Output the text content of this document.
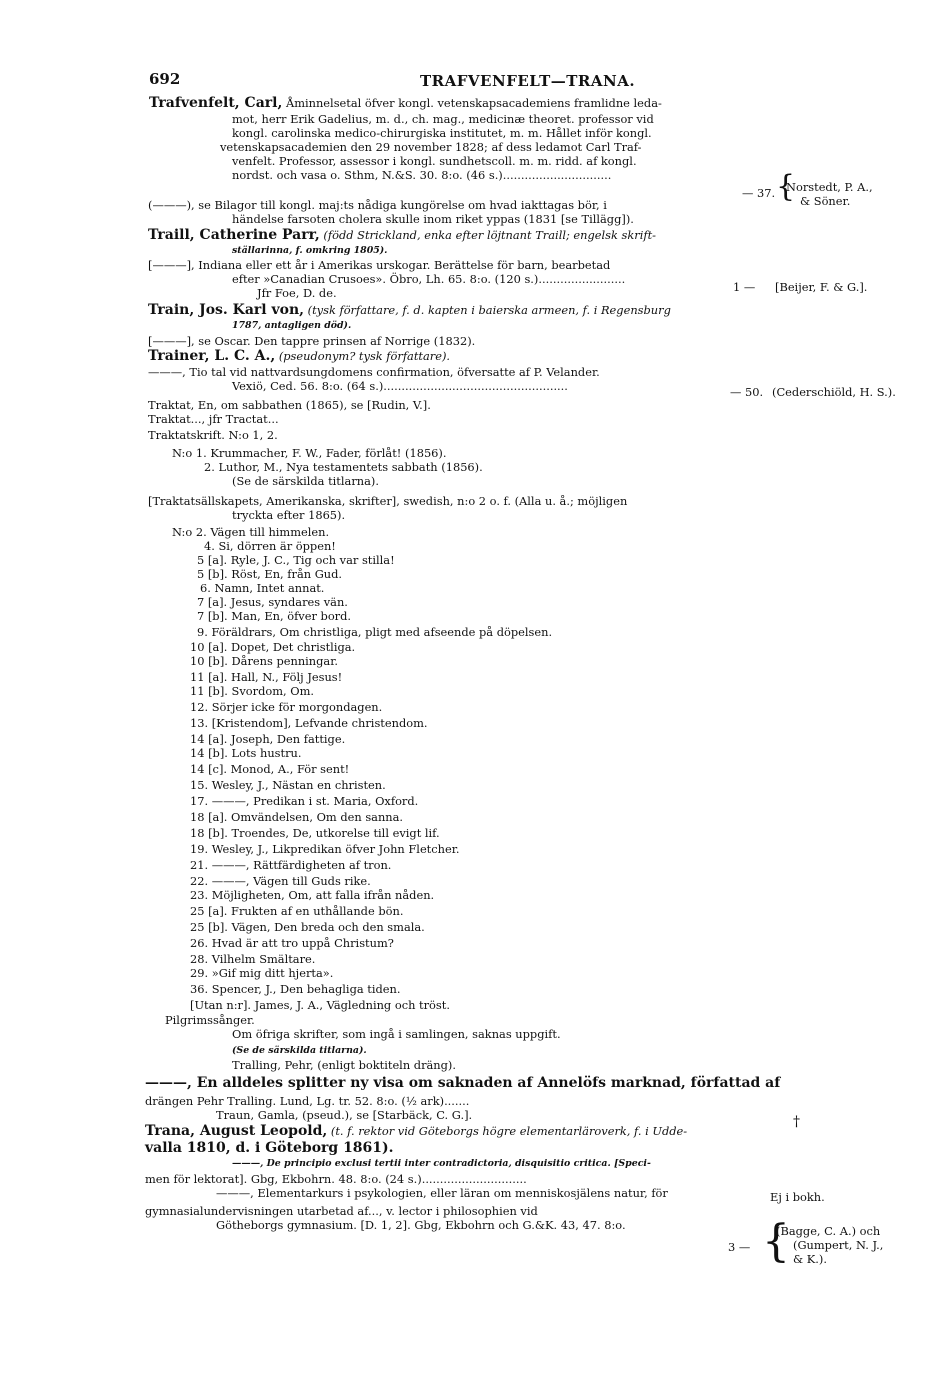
692	TRAFVENFELT—TRANA.
Trafvenfelt, Carl, Åminnelsetal öfver kongl. vetenskapsacademiens framlidne leda-
mot, herr Erik Gadelius, m. d., ch. mag., medicinæ theoret. professor vid
kongl. carolinska medico-chirurgiska institutet, m. m. Hållet inför kongl.
vetenskapsacademien den 29 november 1828; af dess ledamot Carl Traf-
venfelt. Professor, assessor i kongl. sundhetscoll. m. m. ridd. af kongl.
nordst. och vasa o. Sthm, N.&S. 30. 8:o. (46 s.)..............................
(———), se Bilagor till kongl. maj:ts nådiga kungörelse om hvad iakttagas bör, i
händelse farsoten cholera skulle inom riket yppas (1831 [se Tillägg]).
Traill, Catherine Parr, (född Strickland, enka efter löjtnant Traill; engelsk skrift-
ställarinna, f. omkring 1805).
[———], Indiana eller ett år i Amerikas urskogar. Berättelse för barn, bearbetad
efter »Canadian Crusoes». Öbro, Lh. 65. 8:o. (120 s.)........................
Jfr Foe, D. de.
Train, Jos. Karl von, (tysk författare, f. d. kapten i baierska armeen, f. i Regensburg
1787, antagligen död).
[———], se Oscar. Den tappre prinsen af Norrige (1832).
Trainer, L. C. A., (pseudonym? tysk författare).
———, Tio tal vid nattvardsungdomens confirmation, öfversatte af P. Velander.
Vexiö, Ced. 56. 8:o. (64 s.)...................................................
Traktat, En, om sabbathen (1865), se [Rudin, V.].
Traktat..., jfr Tractat...
Traktatskrift. N:o 1, 2.
N:o 1. Krummacher, F. W., Fader, förlåt! (1856).
2. Luthor, M., Nya testamentets sabbath (1856).
(Se de särskilda titlarna).
[Traktatsällskapets, Amerikanska, skrifter], swedish, n:o 2 o. f. (Alla u. å.; möjligen
tryckta efter 1865).
N:o 2. Vägen till himmelen.
4. Si, dörren är öppen!
5 [a]. Ryle, J. C., Tig och var stilla!
5 [b]. Röst, En, från Gud.
6. Namn, Intet annat.
7 [a]. Jesus, syndares vän.
7 [b]. Man, En, öfver bord.
9. Föräldrars, Om christliga, pligt med afseende på döpelsen.
10 [a]. Dopet, Det christliga.
10 [b]. Dårens penningar.
11 [a]. Hall, N., Följ Jesus!
11 [b]. Svordom, Om.
12. Sörjer icke för morgondagen.
13. [Kristendom], Lefvande christendom.
14 [a]. Joseph, Den fattige.
14 [b]. Lots hustru.
14 [c]. Monod, A., För sent!
15. Wesley, J., Nästan en christen.
17. ———, Predikan i st. Maria, Oxford.
18 [a]. Omvändelsen, Om den sanna.
18 [b]. Troendes, De, utkorelse till evigt lif.
19. Wesley, J., Likpredikan öfver John Fletcher.
21. ———, Rättfärdigheten af tron.
22. ———, Vägen till Guds rike.
23. Möjligheten, Om, att falla ifrån nåden.
25 [a]. Frukten af en uthållande bön.
25 [b]. Vägen, Den breda och den smala.
26. Hvad är att tro uppå Christum?
28. Vilhelm Smältare.
29. »Gif mig ditt hjerta».
36. Spencer, J., Den behagliga tiden.
[Utan n:r]. James, J. A., Vägledning och tröst.
Pilgrimssånger.
Om öfriga skrifter, som ingå i samlingen, saknas uppgift.
(Se de särskilda titlarna).
Tralling, Pehr, (enligt boktiteln dräng).
———, En alldeles splitter ny visa om saknaden af Annelöfs marknad, författad af
drängen Pehr Tralling. Lund, Lg. tr. 52. 8:o. (½ ark).......
Traun, Gamla, (pseud.), se [Starbäck, C. G.].
Trana, August Leopold, (t. f. rektor vid Göteborgs högre elementarläroverk, f. i Udde-
valla 1810, d. i Göteborg 1861).
———, De principio exclusi tertii inter contradictoria, disquisitio critica. [Speci-
men för lektorat]. Gbg, Ekbohrn. 48. 8:o. (24 s.).............................
———, Elementarkurs i psykologien, eller läran om menniskosjälens natur, för
gymnasialundervisningen utarbetad af..., v. lector i philosophien vid
Götheborgs gymnasium. [D. 1, 2]. Gbg, Ekbohrn och G.&K. 43, 47. 8:o.
— 37.
1 —
— 50.
3 —
{
Norstedt, P. A.,
& Söner.
[Beijer, F. & G.].
(Cederschiöld, H. S.).
†
Ej i bokh.
{
(Bagge, C. A.) och
(Gumpert, N. J.,
& K.).
